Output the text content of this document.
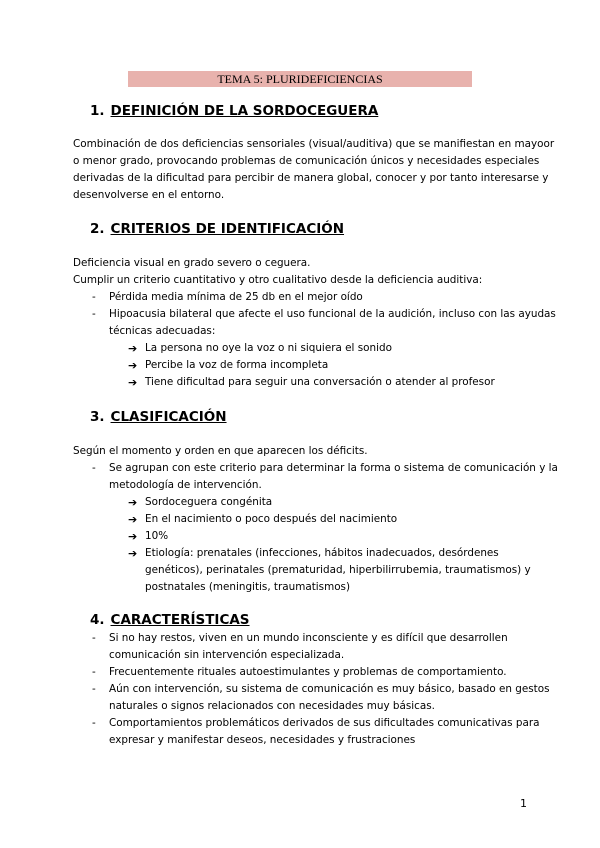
TEMA 5: PLURIDEFICIENCIAS
1. DEFINICIÓN DE LA SORDOCEGUERA
Combinación de dos deficiencias sensoriales (visual/auditiva) que se manifiestan en mayoor
o menor grado, provocando problemas de comunicación únicos y necesidades especiales
derivadas de la dificultad para percibir de manera global, conocer y por tanto interesarse y
desenvolverse en el entorno.
2. CRITERIOS DE IDENTIFICACIÓN
Deficiencia visual en grado severo o ceguera.
Cumplir un criterio cuantitativo y otro cualitativo desde la deficiencia auditiva:
- Pérdida media mínima de 25 db en el mejor oído
- Hipoacusia bilateral que afecte el uso funcional de la audición, incluso con las ayudas
técnicas adecuadas:
➔ La persona no oye la voz o ni siquiera el sonido
➔ Percibe la voz de forma incompleta
➔ Tiene dificultad para seguir una conversación o atender al profesor
3. CLASIFICACIÓN
Según el momento y orden en que aparecen los déficits.
- Se agrupan con este criterio para determinar la forma o sistema de comunicación y la
metodología de intervención.
➔ Sordoceguera congénita
➔ En el nacimiento o poco después del nacimiento
➔ 10%
➔ Etiología: prenatales (infecciones, hábitos inadecuados, desórdenes
genéticos), perinatales (prematuridad, hiperbilirrubemia, traumatismos) y
postnatales (meningitis, traumatismos)
4. CARACTERÍSTICAS
- Si no hay restos, viven en un mundo inconsciente y es difícil que desarrollen
comunicación sin intervención especializada.
- Frecuentemente rituales autoestimulantes y problemas de comportamiento.
- Aún con intervención, su sistema de comunicación es muy básico, basado en gestos
naturales o signos relacionados con necesidades muy básicas.
- Comportamientos problemáticos derivados de sus dificultades comunicativas para
expresar y manifestar deseos, necesidades y frustraciones
1
